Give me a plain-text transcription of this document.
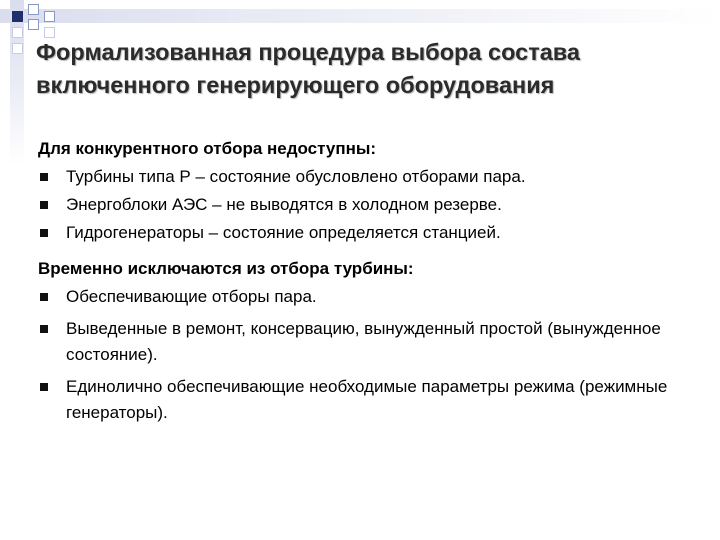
Формализованная процедура выбора состава
включенного генерирующего оборудования

Для конкурентного отбора недоступны:

Турбины типа Р – состояние обусловлено отборами пара.
Энергоблоки АЭС – не выводятся в холодном резерве.
Гидрогенераторы – состояние определяется станцией.

Временно исключаются из отбора турбины:

Обеспечивающие отборы пара.
Выведенные в ремонт, консервацию, вынужденный простой (вынужденное состояние).
Единолично обеспечивающие необходимые параметры режима (режимные генераторы).
